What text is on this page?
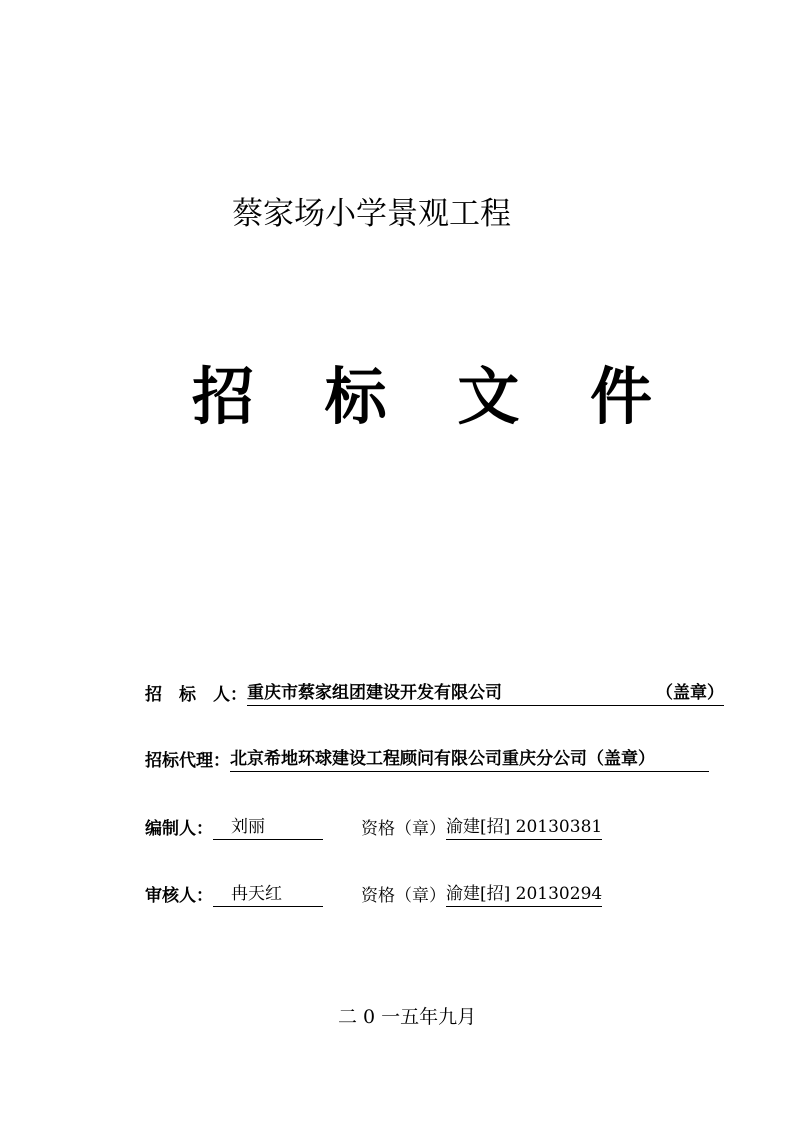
蔡家场小学景观工程
招 标 文 件
招 标 人： 重庆市蔡家组团建设开发有限公司	（盖章）
招标代理： 北京希地环球建设工程顾问有限公司重庆分公司（盖章）
编制人：	刘丽	资格（章） 渝建[招] 20130381
审核人：	冉天红	资格（章） 渝建[招] 20130294
二 0 一五年九月
